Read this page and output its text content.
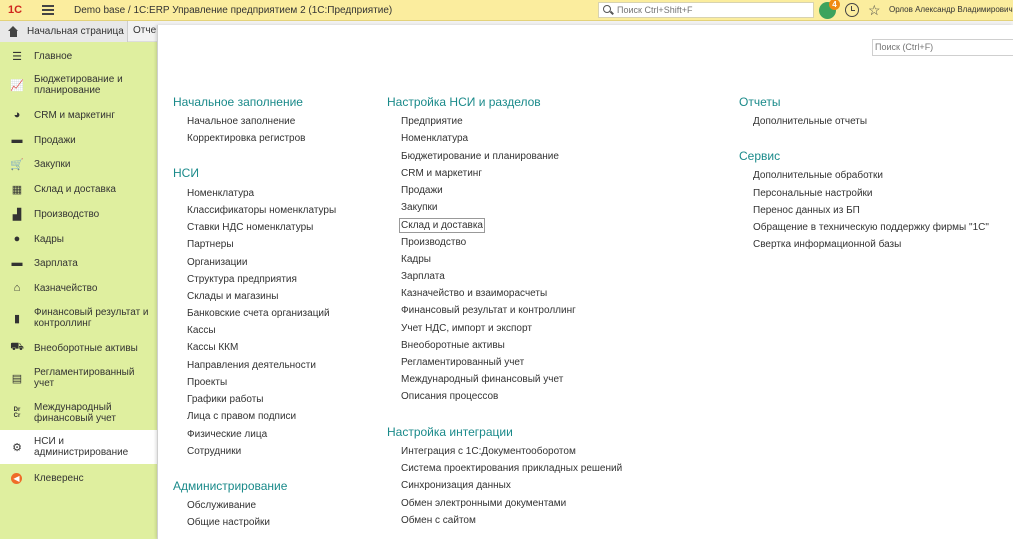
1С	Demo base / 1С:ERP Управление предприятием 2 (1С:Предприятие)
Поиск Ctrl+Shift+F	4 ☆ Орлов Александр Владимирович
Начальная страница Отче
☰ Главное
📈 Бюджетирование и планирование
◕ CRM и маркетинг
▬ Продажи
🛒 Закупки
▦ Склад и доставка
▟ Производство
● Кадры
▬ Зарплата
⌂ Казначейство
▮ Финансовый результат и контроллинг
⛟ Внеоборотные активы
▤ Регламентированный учет
Dr
Cr
Международный финансовый учет
⚙ НСИ и администрирование
◀ Клеверенс
Поиск (Ctrl+F)
Начальное заполнение
Начальное заполнение
Корректировка регистров
НСИ
Номенклатура
Классификаторы номенклатуры
Ставки НДС номенклатуры
Партнеры
Организации
Структура предприятия
Склады и магазины
Банковские счета организаций
Кассы
Кассы ККМ
Направления деятельности
Проекты
Графики работы
Лица с правом подписи
Физические лица
Сотрудники
Администрирование
Обслуживание
Общие настройки
Настройка НСИ и разделов
Предприятие
Номенклатура
Бюджетирование и планирование
CRM и маркетинг
Продажи
Закупки
Склад и доставка
Производство
Кадры
Зарплата
Казначейство и взаиморасчеты
Финансовый результат и контроллинг
Учет НДС, импорт и экспорт
Внеоборотные активы
Регламентированный учет
Международный финансовый учет
Описания процессов
Настройка интеграции
Интеграция с 1С:Документооборотом
Система проектирования прикладных решений
Синхронизация данных
Обмен электронными документами
Обмен с сайтом
Отчеты
Дополнительные отчеты
Сервис
Дополнительные обработки
Персональные настройки
Перенос данных из БП
Обращение в техническую поддержку фирмы "1С"
Свертка информационной базы
